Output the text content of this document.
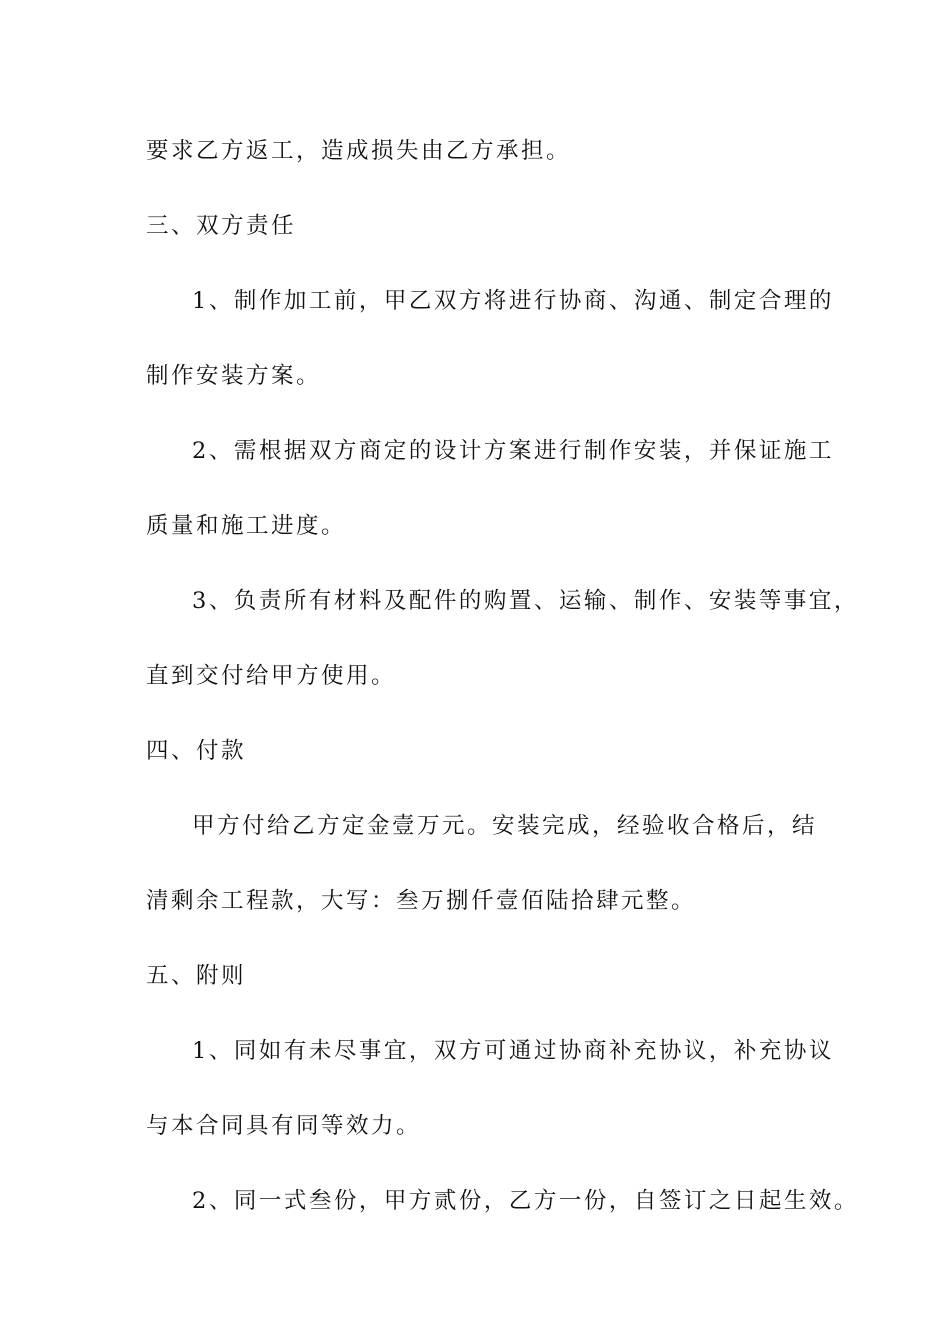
要求乙方返工，造成损失由乙方承担。
三、双方责任
1、制作加工前，甲乙双方将进行协商、沟通、制定合理的
制作安装方案。
2、需根据双方商定的设计方案进行制作安装，并保证施工
质量和施工进度。
3、负责所有材料及配件的购置、运输、制作、安装等事宜，
直到交付给甲方使用。
四、付款
甲方付给乙方定金壹万元。安装完成，经验收合格后，结
清剩余工程款，大写：叁万捌仟壹佰陆拾肆元整。
五、附则
1、同如有未尽事宜，双方可通过协商补充协议，补充协议
与本合同具有同等效力。
2、同一式叁份，甲方贰份，乙方一份，自签订之日起生效。
